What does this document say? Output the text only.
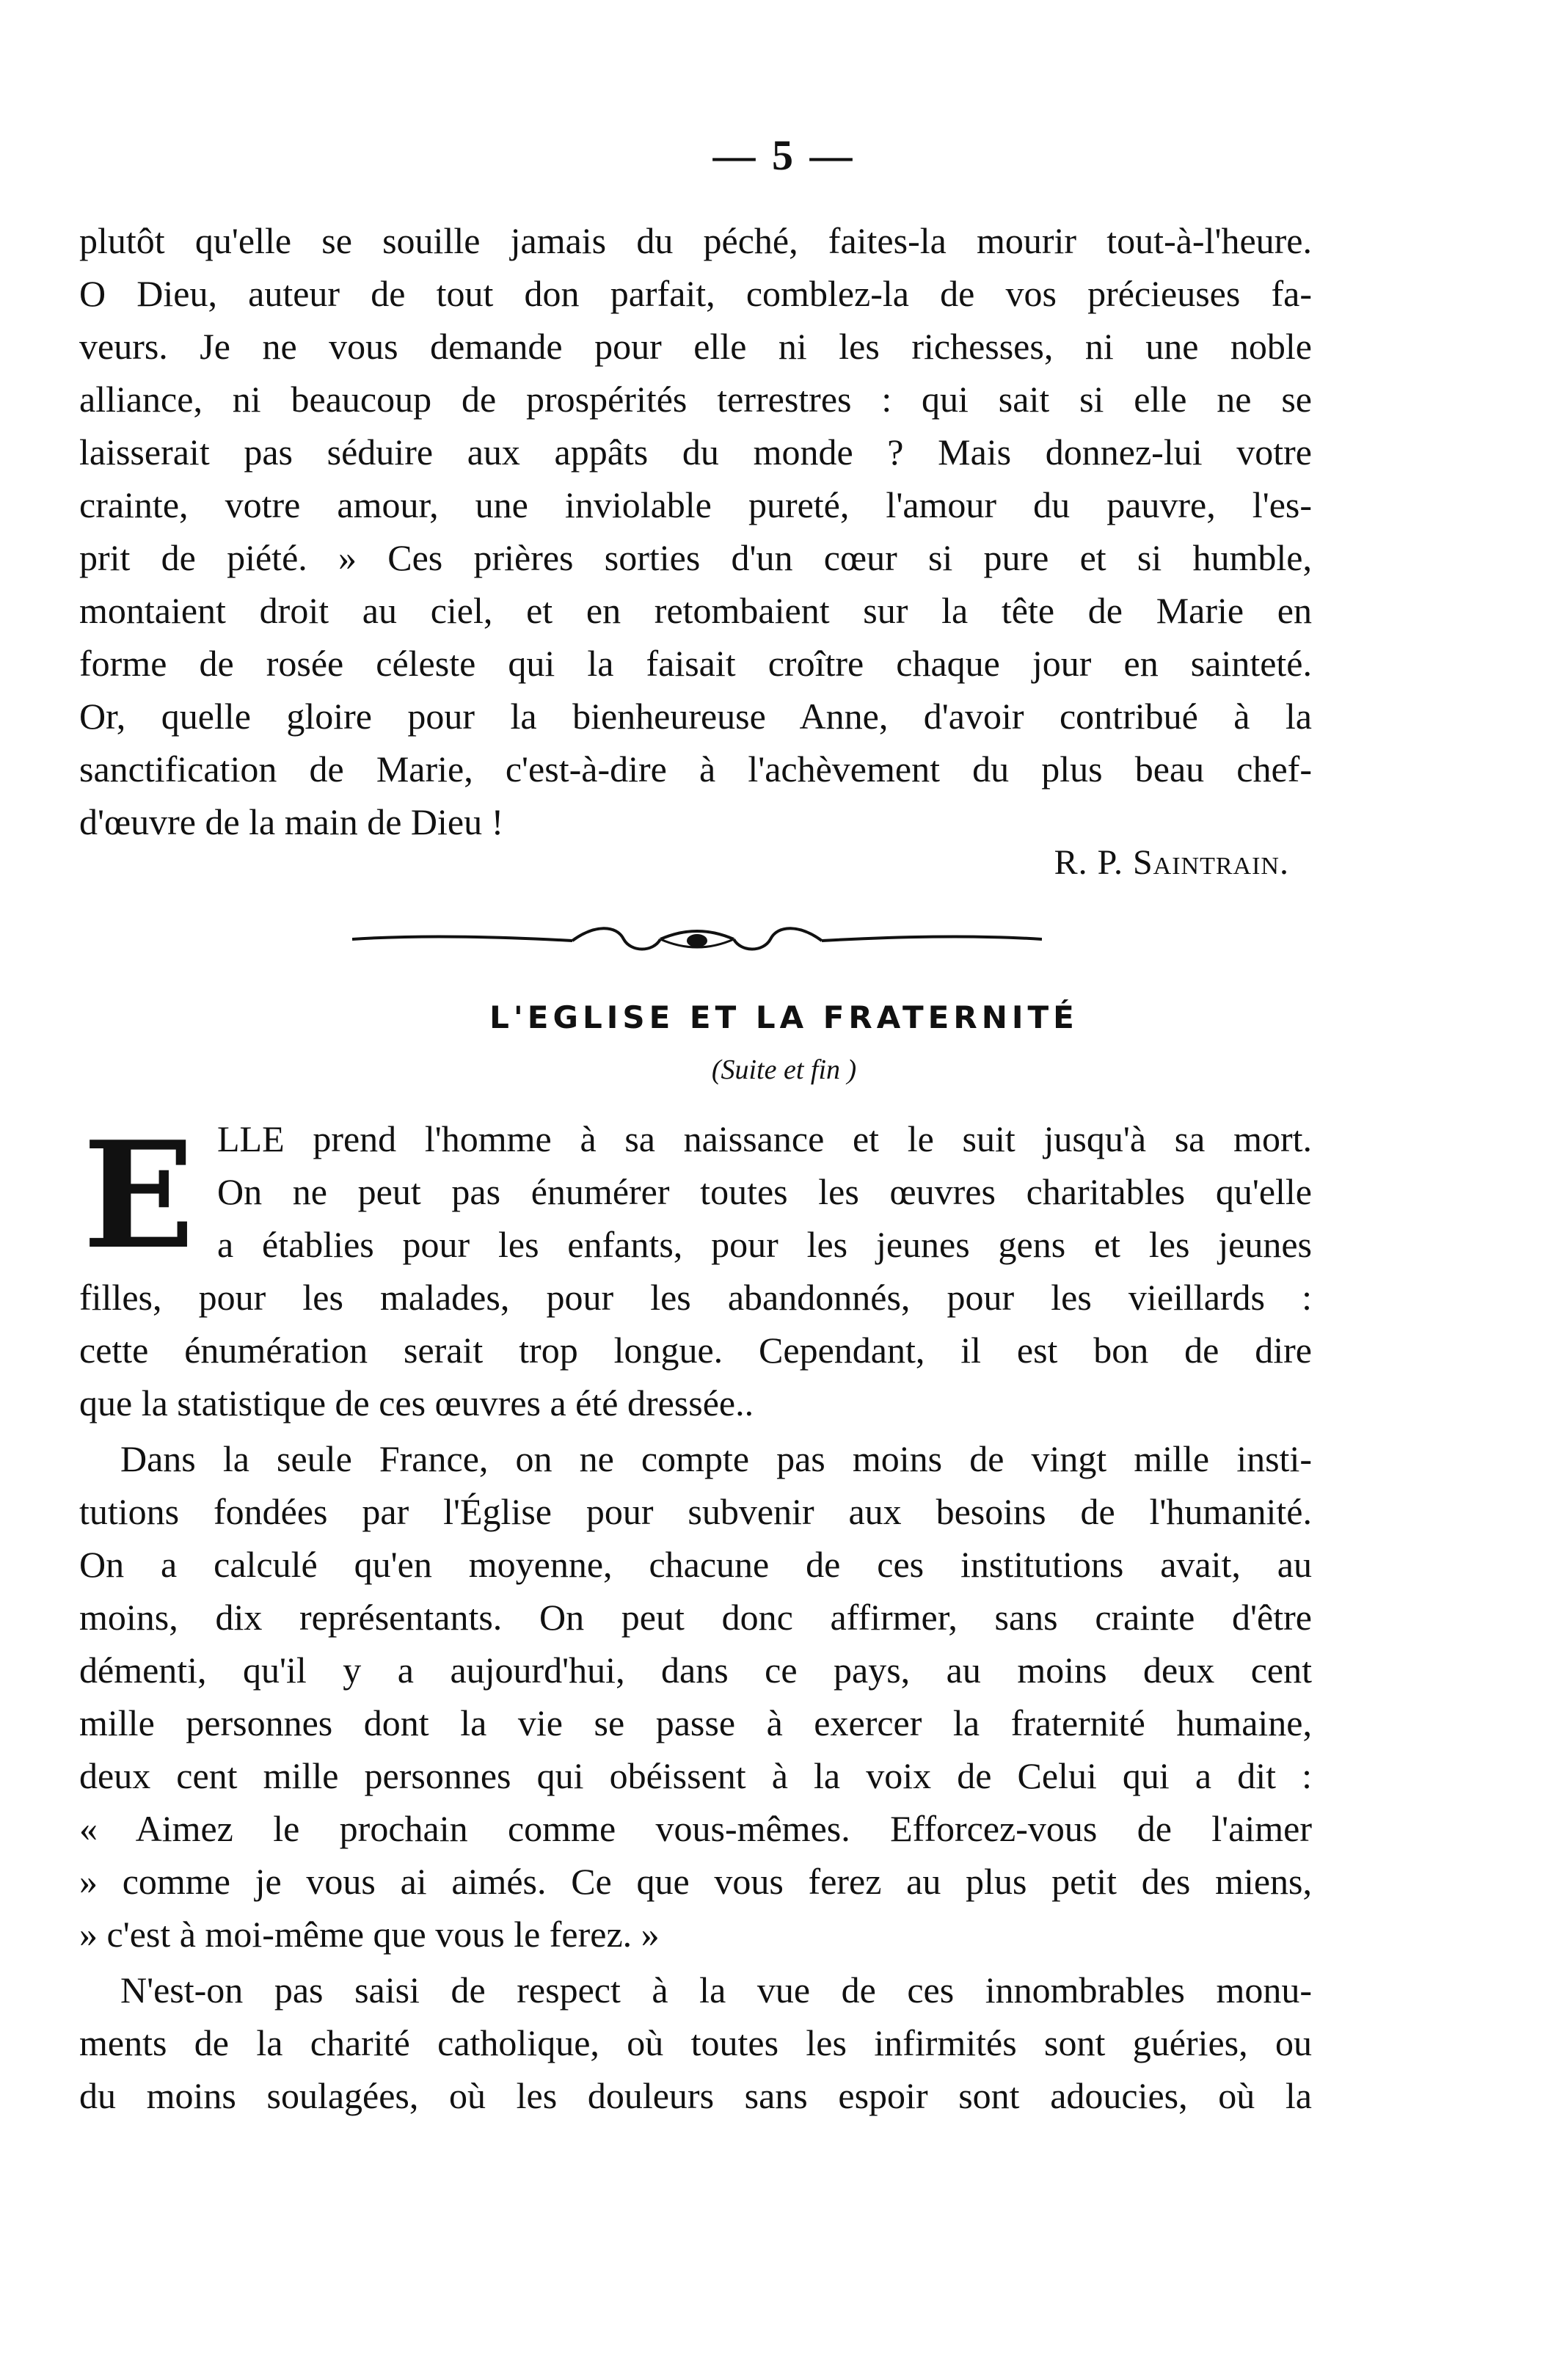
— 5 —
plutôt qu'elle se souille jamais du péché, faites-la mourir tout-à-l'heure.
O Dieu, auteur de tout don parfait, comblez-la de vos précieuses fa-
veurs. Je ne vous demande pour elle ni les richesses, ni une noble
alliance, ni beaucoup de prospérités terrestres : qui sait si elle ne se
laisserait pas séduire aux appâts du monde ? Mais donnez-lui votre
crainte, votre amour, une inviolable pureté, l'amour du pauvre, l'es-
prit de piété. » Ces prières sorties d'un cœur si pure et si humble,
montaient droit au ciel, et en retombaient sur la tête de Marie en
forme de rosée céleste qui la faisait croître chaque jour en sainteté.
Or, quelle gloire pour la bienheureuse Anne, d'avoir contribué à la
sanctification de Marie, c'est-à-dire à l'achèvement du plus beau chef-
d'œuvre de la main de Dieu !
R. P. Saintrain.
L'EGLISE ET LA FRATERNITÉ
(Suite et fin )
E LLE prend l'homme à sa naissance et le suit jusqu'à sa mort.
On ne peut pas énumérer toutes les œuvres charitables qu'elle
a établies pour les enfants, pour les jeunes gens et les jeunes
filles, pour les malades, pour les abandonnés, pour les vieillards :
cette énumération serait trop longue. Cependant, il est bon de dire
que la statistique de ces œuvres a été dressée..
Dans la seule France, on ne compte pas moins de vingt mille insti-
tutions fondées par l'Église pour subvenir aux besoins de l'humanité.
On a calculé qu'en moyenne, chacune de ces institutions avait, au
moins, dix représentants. On peut donc affirmer, sans crainte d'être
démenti, qu'il y a aujourd'hui, dans ce pays, au moins deux cent
mille personnes dont la vie se passe à exercer la fraternité humaine,
deux cent mille personnes qui obéissent à la voix de Celui qui a dit :
« Aimez le prochain comme vous-mêmes. Efforcez-vous de l'aimer
» comme je vous ai aimés. Ce que vous ferez au plus petit des miens,
» c'est à moi-même que vous le ferez. »
N'est-on pas saisi de respect à la vue de ces innombrables monu-
ments de la charité catholique, où toutes les infirmités sont guéries, ou
du moins soulagées, où les douleurs sans espoir sont adoucies, où la
